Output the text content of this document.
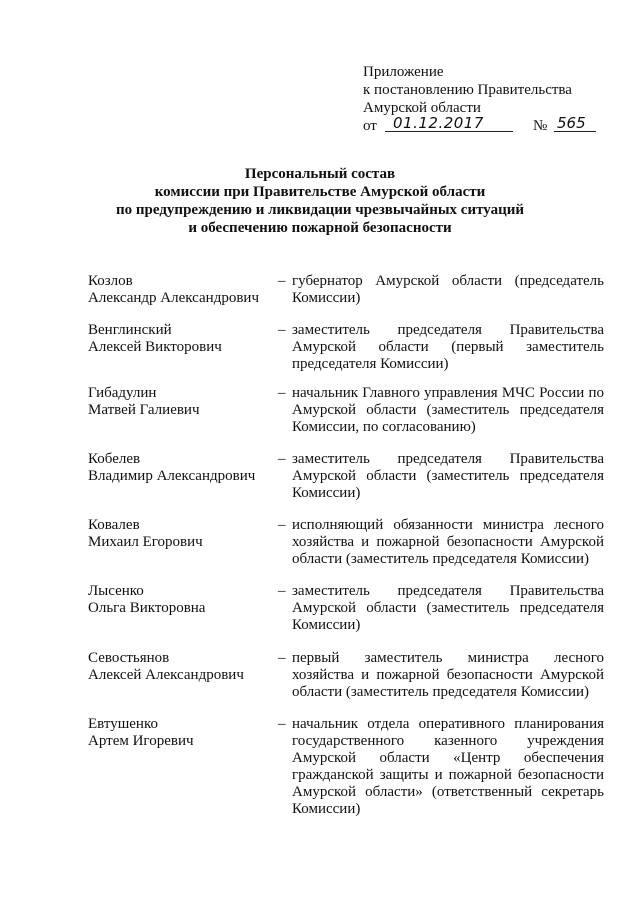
Приложение
к постановлению Правительства
Амурской области
от	01.12.2017	№ 565
Персональный состав
комиссии при Правительстве Амурской области
по предупреждению и ликвидации чрезвычайных ситуаций
и обеспечению пожарной безопасности
Козлов
Александр Александрович
– губернатор Амурской области (председатель Комиссии)
Венглинский
Алексей Викторович
– заместитель председателя Правительства Амурской области (первый заместитель председателя Комиссии)
Гибадулин
Матвей Галиевич
– начальник Главного управления МЧС России по Амурской области (заместитель председателя Комиссии, по согласованию)
Кобелев
Владимир Александрович
– заместитель председателя Правительства Амурской области (заместитель председателя Комиссии)
Ковалев
Михаил Егорович
– исполняющий обязанности министра лесного хозяйства и пожарной безопасности Амурской области (заместитель председателя Комиссии)
Лысенко
Ольга Викторовна
– заместитель председателя Правительства Амурской области (заместитель председателя Комиссии)
Севостьянов
Алексей Александрович
– первый заместитель министра лесного хозяйства и пожарной безопасности Амурской области (заместитель председателя Комиссии)
Евтушенко
Артем Игоревич
– начальник отдела оперативного планирования государственного казенного учреждения Амурской области «Центр обеспечения гражданской защиты и пожарной безопасности Амурской области» (ответственный секретарь Комиссии)
